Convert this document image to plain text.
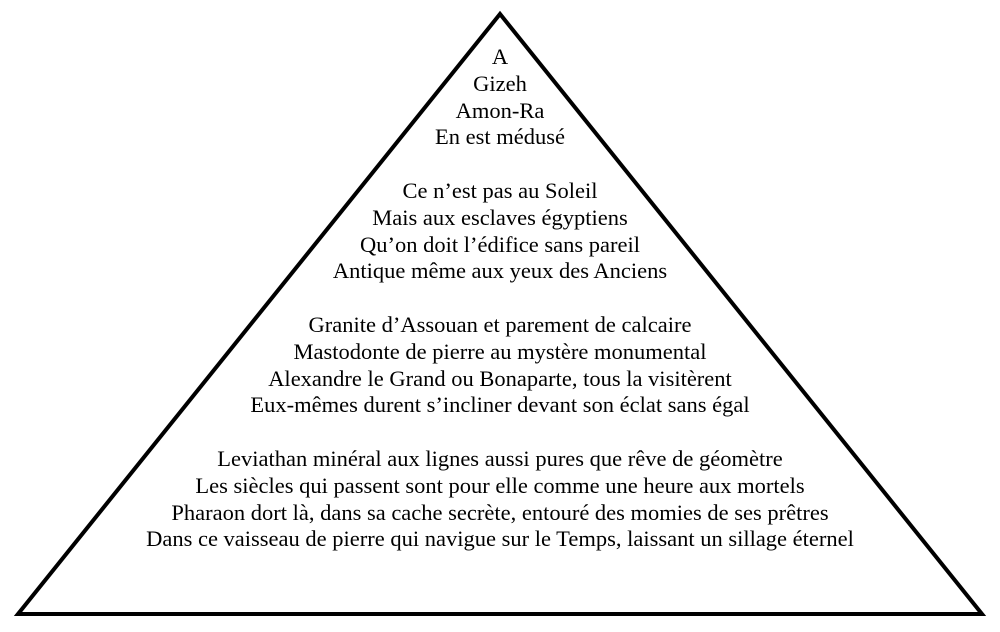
A
Gizeh
Amon-Ra
En est médusé
Ce n’est pas au Soleil
Mais aux esclaves égyptiens
Qu’on doit l’édifice sans pareil
Antique même aux yeux des Anciens
Granite d’Assouan et parement de calcaire
Mastodonte de pierre au mystère monumental
Alexandre le Grand ou Bonaparte, tous la visitèrent
Eux-mêmes durent s’incliner devant son éclat sans égal
Leviathan minéral aux lignes aussi pures que rêve de géomètre
Les siècles qui passent sont pour elle comme une heure aux mortels
Pharaon dort là, dans sa cache secrète, entouré des momies de ses prêtres
Dans ce vaisseau de pierre qui navigue sur le Temps, laissant un sillage éternel
